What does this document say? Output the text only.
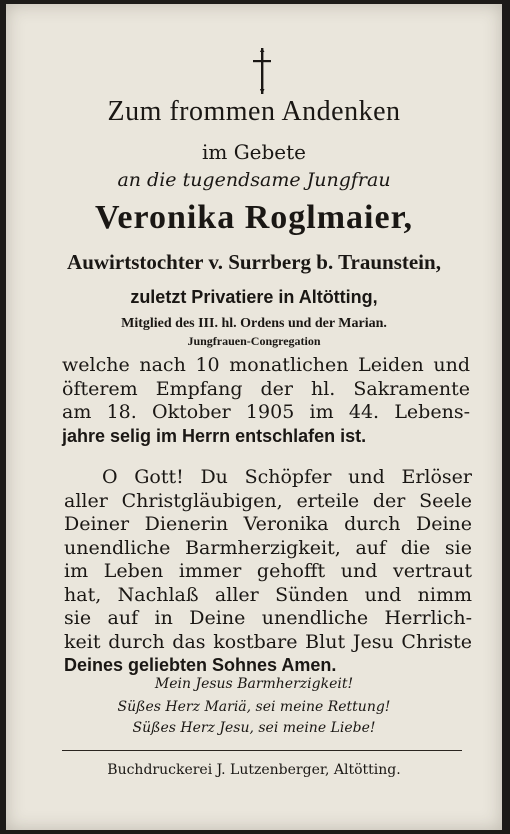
Zum frommen Andenken
im Gebete
an die tugendsame Jungfrau
Veronika Roglmaier,
Auwirtstochter v. Surrberg b. Traunstein,
zuletzt Privatiere in Altötting,
Mitglied des III. hl. Ordens und der Marian.
Jungfrauen-Congregation
welche nach 10 monatlichen Leiden und
öfterem Empfang der hl. Sakramente
am 18. Oktober 1905 im 44. Lebens-
jahre selig im Herrn entschlafen ist.
O Gott! Du Schöpfer und Erlöser
aller Christgläubigen, erteile der Seele
Deiner Dienerin Veronika durch Deine
unendliche Barmherzigkeit, auf die sie
im Leben immer gehofft und vertraut
hat, Nachlaß aller Sünden und nimm
sie auf in Deine unendliche Herrlich-
keit durch das kostbare Blut Jesu Christe
Deines geliebten Sohnes Amen.
Mein Jesus Barmherzigkeit!
Süßes Herz Mariä, sei meine Rettung!
Süßes Herz Jesu, sei meine Liebe!
Buchdruckerei J. Lutzenberger, Altötting.
